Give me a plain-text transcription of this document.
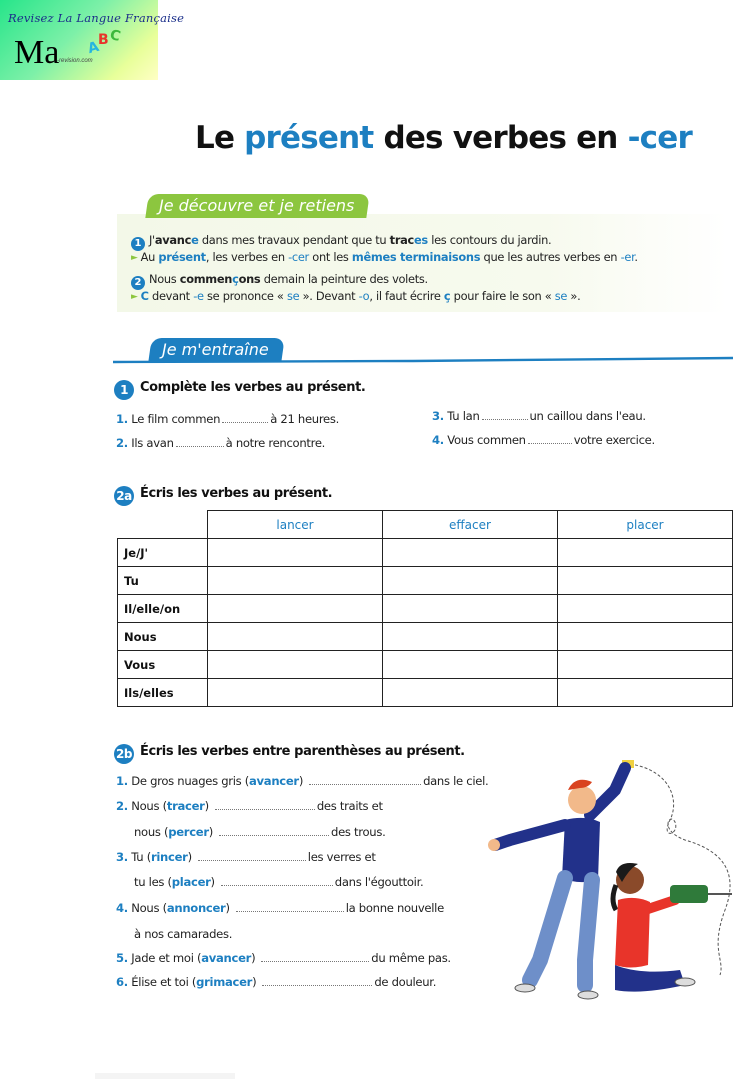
Revisez La Langue Française
Ma A
B C
-revision.com
Le présent des verbes en -cer
Je découvre et je retiens
1 J'avance dans mes travaux pendant que tu traces les contours du jardin.
► Au présent, les verbes en -cer ont les mêmes terminaisons que les autres verbes en -er.
2 Nous commençons demain la peinture des volets.
► C devant -e se prononce « se ». Devant -o, il faut écrire ç pour faire le son « se ».
Je m'entraîne
1 Complète les verbes au présent.
1. Le film commen	à 21 heures.
2. Ils avan	à notre rencontre.
3. Tu lan	un caillou dans l'eau.
4. Vous commen	votre exercice.
2a Écris les verbes au présent.
	lancer	effacer	placer
Je/J'			
Tu			
Il/elle/on			
Nous			
Vous			
Ils/elles			
2b Écris les verbes entre parenthèses au présent.
1. De gros nuages gris (avancer)	dans le ciel.
2. Nous (tracer)	des traits et
nous (percer)	des trous.
3. Tu (rincer)	les verres et
tu les (placer)	dans l'égouttoir.
4. Nous (annoncer)	la bonne nouvelle
à nos camarades.
5. Jade et moi (avancer)	du même pas.
6. Élise et toi (grimacer)	de douleur.
